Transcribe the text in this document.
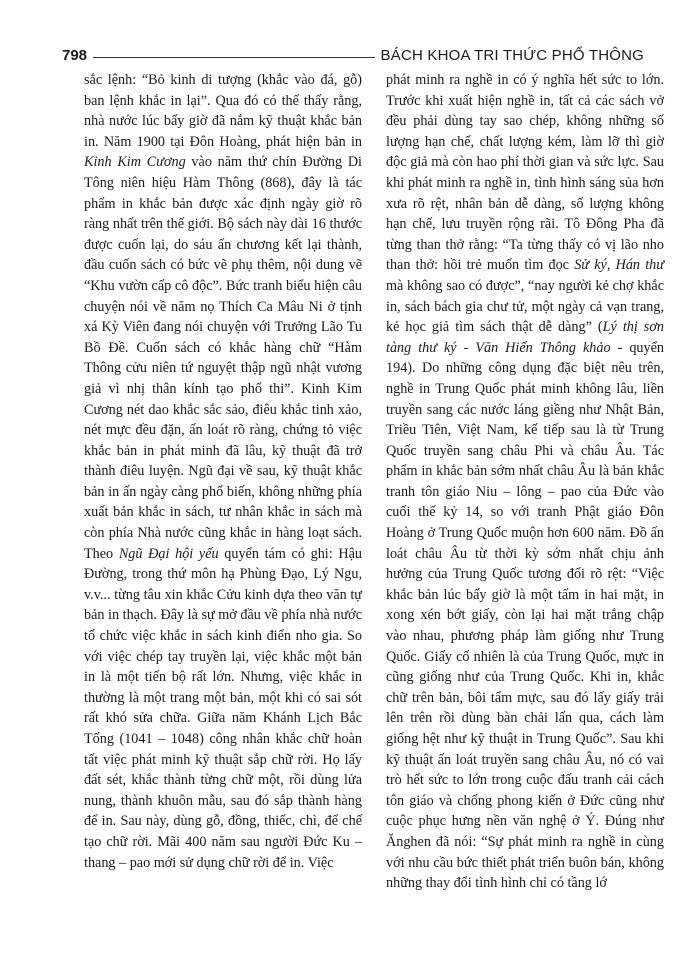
798	BÁCH KHOA TRI THỨC PHỔ THÔNG

sắc lệnh: “Bỏ kinh di tượng (khắc vào đá, gỗ) ban lệnh khắc in lại”. Qua đó có thể thấy rằng, nhà nước lúc bấy giờ đã nắm kỹ thuật khắc bản in. Năm 1900 tại Đôn Hoàng, phát hiện bản in Kinh Kim Cương vào năm thứ chín Đường Di Tông niên hiệu Hàm Thông (868), đây là tác phẩm in khắc bản được xác định ngày giờ rõ ràng nhất trên thế giới. Bộ sách này dài 16 thước được cuốn lại, do sáu ấn chương kết lại thành, đầu cuốn sách có bức vẽ phụ thêm, nội dung vẽ “Khu vườn cấp cô độc”. Bức tranh biểu hiện câu chuyện nói về năm nọ Thích Ca Mâu Ni ở tịnh xá Kỳ Viên đang nói chuyện với Trưởng Lão Tu Bồ Đề. Cuốn sách có khắc hàng chữ “Hàm Thông cửu niên tứ nguyệt thập ngũ nhật vương giả vì nhị thân kính tạo phổ thi”. Kinh Kim Cương nét dao khắc sắc sảo, điêu khắc tinh xảo, nét mực đều đặn, ấn loát rõ ràng, chứng tỏ việc khắc bản in phát minh đã lâu, kỹ thuật đã trở thành điêu luyện. Ngũ đại về sau, kỹ thuật khắc bản in ấn ngày càng phổ biến, không những phía xuất bản khắc in sách, tư nhân khắc in sách mà còn phía Nhà nước cũng khắc in hàng loạt sách. Theo Ngũ Đại hội yếu quyển tám có ghi: Hậu Đường, trong thứ môn hạ Phùng Đạo, Lý Ngu, v.v... từng tâu xin khắc Cửu kinh dựa theo văn tự bản in thạch. Đây là sự mở đầu về phía nhà nước tổ chức việc khắc in sách kinh điển nho gia. So với việc chép tay truyền lại, việc khắc một bản in là một tiến bộ rất lớn. Nhưng, việc khắc in thường là một trang một bản, một khi có sai sót rất khó sửa chữa. Giữa năm Khánh Lịch Bắc Tống (1041 – 1048) công nhân khắc chữ hoàn tất việc phát minh kỹ thuật sắp chữ rời. Họ lấy đất sét, khắc thành từng chữ một, rồi dùng lửa nung, thành khuôn mẫu, sau đó sắp thành hàng để in. Sau này, dùng gỗ, đồng, thiếc, chì, để chế tạo chữ rời. Mãi 400 năm sau người Đức Ku – thang – pao mới sử dụng chữ rời để in. Việc

phát minh ra nghề in có ý nghĩa hết sức to lớn. Trước khi xuất hiện nghề in, tất cả các sách vở đều phải dùng tay sao chép, không những số lượng hạn chế, chất lượng kém, làm lỡ thì giờ độc giả mà còn hao phí thời gian và sức lực. Sau khi phát minh ra nghề in, tình hình sáng sủa hơn xưa rõ rệt, nhân bản dễ dàng, số lượng không hạn chế, lưu truyền rộng rãi. Tô Đông Pha đã từng than thở rằng: “Ta từng thấy có vị lão nho than thở: hồi trẻ muốn tìm đọc Sử ký, Hán thư mà không sao có được”, “nay người kẻ chợ khắc in, sách bách gia chư tử, một ngày cả vạn trang, kẻ học giả tìm sách thật dễ dàng” (Lý thị sơn tàng thư ký - Văn Hiến Thông khảo - quyển 194). Do những công dụng đặc biệt nêu trên, nghề in Trung Quốc phát minh không lâu, liền truyền sang các nước láng giềng như Nhật Bản, Triều Tiên, Việt Nam, kế tiếp sau là từ Trung Quốc truyền sang châu Phi và châu Âu. Tác phẩm in khắc bản sớm nhất châu Âu là bản khắc tranh tôn giáo Niu – lông – pao của Đức vào cuối thế kỷ 14, so với tranh Phật giáo Đôn Hoàng ở Trung Quốc muộn hơn 600 năm. Đồ ấn loát châu Âu từ thời kỳ sớm nhất chịu ảnh hưởng của Trung Quốc tương đối rõ rệt: “Việc khắc bản lúc bấy giờ là một tấm in hai mặt, in xong xén bớt giấy, còn lại hai mặt trắng chập vào nhau, phương pháp làm giống như Trung Quốc. Giấy cố nhiên là của Trung Quốc, mực in cũng giống như của Trung Quốc. Khi in, khắc chữ trên bản, bôi tẩm mực, sau đó lấy giấy trải lên trên rồi dùng bàn chải lấn qua, cách làm giống hệt như kỹ thuật in Trung Quốc”. Sau khi kỹ thuật ấn loát truyền sang châu Âu, nó có vai trò hết sức to lớn trong cuộc đấu tranh cải cách tôn giáo và chống phong kiến ở Đức cũng như cuộc phục hưng nền văn nghệ ở Ý. Đúng như Ănghen đã nói: “Sự phát minh ra nghề in cùng với nhu cầu bức thiết phát triển buôn bán, không những thay đổi tình hình chỉ có tầng lớ
